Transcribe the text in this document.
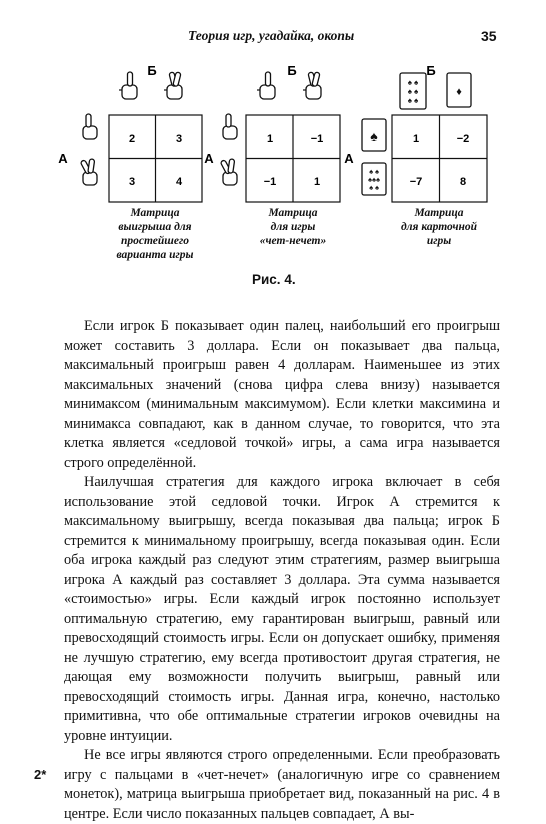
Теория игр, угадайка, окопы	35
Б
А
2	3
3	4
Б
А
1	−1
−1	1
Б
♠ ♠
♠ ♠
♠ ♠
♦
А
♠
♠ ♠
♠♠♠
♠ ♠
1	−2
−7	8
Матрица
выигрыша для
простейшего
варианта игры
Матрица
для игры
«чет-нечет»
Матрица
для карточной
игры
Рис. 4.

Если игрок Б показывает один палец, наибольший его проигрыш может составить 3 доллара. Если он показывает два пальца, максимальный проигрыш равен 4 долларам. Наименьшее из этих максимальных значений (снова цифра слева внизу) называется минимаксом (минимальным максимумом). Если клетки максимина и минимакса совпадают, как в данном случае, то говорится, что эта клетка является «седловой точкой» игры, а сама игра называется строго определённой.

Наилучшая стратегия для каждого игрока включает в себя использование этой седловой точки. Игрок А стремится к максимальному выигрышу, всегда показывая два пальца; игрок Б стремится к минимальному проигрышу, всегда показывая один. Если оба игрока каждый раз следуют этим стратегиям, размер выигрыша игрока А каждый раз составляет 3 доллара. Эта сумма называется «стоимостью» игры. Если каждый игрок постоянно использует оптимальную стратегию, ему гарантирован выигрыш, равный или превосходящий стоимость игры. Если он допускает ошибку, применяя не лучшую стратегию, ему всегда противостоит другая стратегия, не дающая ему возможности получить выигрыш, равный или превосходящий стоимость игры. Данная игра, конечно, настолько примитивна, что обе оптимальные стратегии игроков очевидны на уровне интуиции.

Не все игры являются строго определенными. Если преобразовать игру с пальцами в «чет-нечет» (аналогичную игре со сравнением монеток), матрица выигрыша приобретает вид, показанный на рис. 4 в центре. Если число показанных пальцев совпадает, А вы-

2*
